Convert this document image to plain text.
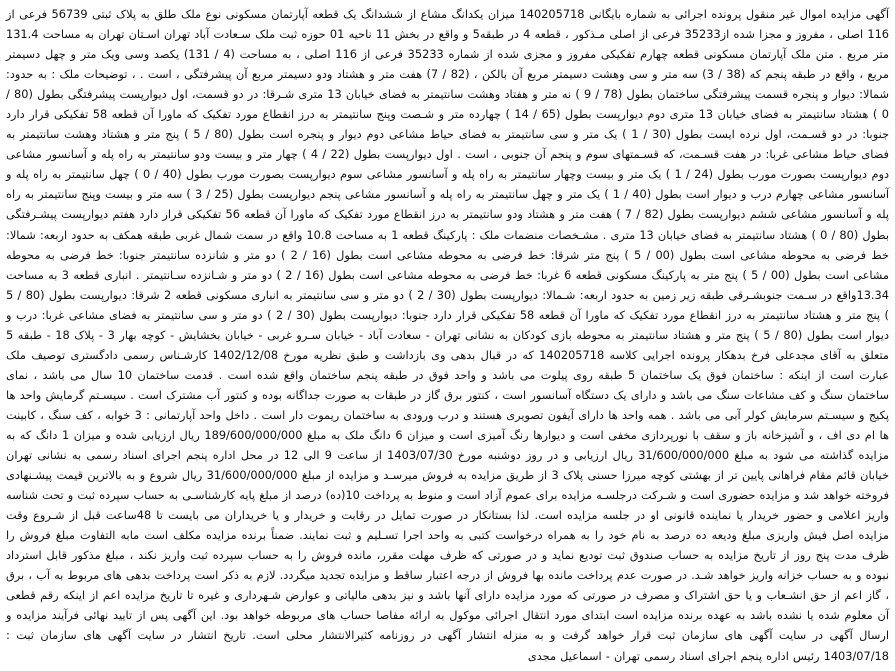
آگهی مزایده اموال غیر منقول پرونده اجرائی به شماره بایگانی 140205718 میزان یکدانگ مشاع از ششدانگ یک قطعه آپارتمان مسکونی نوع ملک طلق به پلاک ثبتی 56739 فرعی از 116 اصلی ، مفروز و مجزا شده از35233 فرعی از اصلی مـذکور ، قطعه 4 در طبقه5 و واقع در بخش 11 ناحیه 01 حوزه ثبت ملک سـعادت آباد تهران اسـتان تهران به مساحت 131.4 متر مربع . متن ملک آپارتمان مسکونی قطعه چهارم تفکیکی مفروز و مجزی شده از شماره 35233 فرعی از 116 اصلی ، به مساحت (4 / 131) یکصد وسی ویک متر و چهل دسیمتر مربع ، واقع در طبقه پنجم که (38 / 3) سه متر و سی وهشت دسیمتر مربع آن بالکن ، (82 / 7) هفت متر و هشتاد ودو دسیمتر مربع آن پیشرفتگی ، است . ، توضیحات ملک : به حدود: شمالا: دیوار و پنجره قسمت پیشرفتگی ساختمان بطول (78 / 9 ) نه متر و هفتاد وهشت سانتیمتر به فضای خیابان 13 متری شـرقا: در دو قسمت، اول دیوارپست پیشرفتگی بطول (80 / 0 ) هشتاد سانتیمتر به فضای خیابان 13 متری دوم دیوارپست بطول (65 / 14 ) چهارده متر و شـصت وپنج سانتیمتر به درز انقطاع مورد تفکیک که ماورا آن قطعه 58 تفکیکی قرار دارد جنوبا: در دو قسـمت، اول نرده ایست بطول (30 / 1 ) یک متر و سی سانتیمتر به فضای حیاط مشاعی دوم دیوار و پنجره است بطول (80 / 5 ) پنج متر و هشتاد وهشت سانتیمتر به فضای حیاط مشاعی غربا: در هفت قسـمت، که قسـمتهای سوم و پنجم آن جنوبی ، است . اول دیوارپست بطول (22 / 4 ) چهار متر و بیست ودو سانتیمتر به راه پله و آسانسور مشاعی دوم دیوارپست بصورت مورب بطول (24 / 1 ) یک متر و بیست وچهار سانتیمتر به راه پله و آسانسور مشاعی سوم دیوارپست بصورت مورب بطول (40 / 0 ) چهل سانتیمتر به راه پله و آسانسور مشاعی چهارم درب و دیوار است بطول (40 / 1 ) یک متر و چهل سانتیمتر به راه پله و آسانسور مشاعی پنجم دیوارپست بطول (25 / 3 ) سه متر و بیست وپنج سانتیمتر به راه پله و آسانسور مشاعی ششم دیوارپست بطول (82 / 7 ) هفت متر و هشتاد ودو سانتیمتر به درز انقطاع مورد تفکیک که ماورا آن قطعه 56 تفکیکی قرار دارد هفتم دیوارپست پیشـرفتگی بطول (80 / 0 ) هشتاد سانتیمتر به فضای خیابان 13 متری . مشـخصات منضمات ملک : پارکینگ قطعه 1 به مساحت 10.8 واقع در سمت شمال غربی طبقه همکف به حدود اربعه: شمالا: خط فرضی به محوطه مشاعی است بطول (00 / 5 ) پنج متر شرقا: خط فرضی به محوطه مشاعی است بطول (16 / 2 ) دو متر و شانزده سانتیمتر جنوبا: خط فرضی به محوطه مشاعی است بطول (00 / 5 ) پنج متر به پارکینگ مسکونی قطعه 6 غربا: خط فرضی به محوطه مشاعی است بطول (16 / 2 ) دو متر و شـانزده سـانتیمتر . انباری قطعه 3 به مساحت 13.34واقع در سـمت جنوبشـرقی طبقه زیر زمین به حدود اربعه: شـمالا: دیوارپست بطول (30 / 2 ) دو متر و سی سانتیمتر به انباری مسکونی قطعه 2 شرقا: دیوارپست بطول (80 / 5 ) پنج متر و هشتاد سانتیمتر به درز انقطاع مورد تفکیک که ماورا آن قطعه 58 تفکیکی قرار دارد جنوبا: دیوارپست بطول (30 / 2 ) دو متر و سی سانتیمتر به فضای مشاعی غربا: درب و دیوار است بطول (80 / 5 ) پنج متر و هشتاد سانتیمتر به محوطه بازی کودکان به نشانی تهران - سعادت آباد - خیابان سـرو غربی - خیابان بخشایش - کوچه بهار 3 - پلاک 18 - طبقه 5 متعلق به آقای مجدعلی فرخ بدهکار پرونده اجرایی کلاسه 140205718 که در قبال بدهی وی بازداشت و طبق نظریه مورخ 1402/12/08 کارشـناس رسمی دادگستری توصیف ملک عبارت است از اینکه : ساختمان فوق یک ساختمان 5 طبقه روی پیلوت می باشد و واحد فوق در طبقه پنجم ساختمان واقع شده است . قدمت ساختمان 10 سال می باشد ، نمای ساختمان سنگ و کف مشاعات سنگ می باشد و دارای یک دستگاه آسانسور است ، کنتور برق گاز در طبقات به صورت جداگانه بوده و کنتور آب مشترک است . سیسـتم گرمایش واحد ها پکیج و سیسـتم سرمایش کولر آبی می باشد . همه واحد ها دارای آیفون تصویری هستند و درب ورودی به ساختمان ریموت دار است . داخل واحد آپارتمانی : 3 خوابه ، کف سنگ ، کابینت ها ام دی اف ، و آشپزخانه باز و سقف با نورپردازی مخفی است و دیوارها رنگ آمیزی است و میزان 6 دانگ ملک به مبلغ 189/600/000/000 ریال ارزیابی شده و میزان 1 دانگ که به مزایده گذاشته می شود به مبلغ 31/600/000/000 ریال ارزیابی و در روز دوشنبه مورخ 1403/07/30 از ساعت 9 الی 12 در محل اداره پنجم اجرای اسناد رسمی به نشانی تهران خیابان قائم مقام فراهانی پایین تر از بهشتی کوچه میرزا حسنی پلاک 3 از طریق مزایده به فروش میرسـد و مزایده از مبلغ 31/600/000/000 ریال شروع و به بالاترین قیمت پیشـنهادی فروخته خواهد شد و مزایده حضوری است و شـرکت درجلسـه مزایده برای عموم آزاد است و منوط به پرداخت 10(ده) درصد از مبلغ پایه کارشناسـی به حساب سپرده ثبت و تحت شناسه واریز اعلامی و حضور خریدار یا نماینده قانونی او در جلسه مزایده است. لذا بستانکار در صورت تمایل در رقابت و خریدار و یا خریداران می بایست تا 48ساعت قبل از شـروع وقت مزایده اصل فیش واریزی مبلغ ودیعه ده درصد به نام خود را به همراه درخواست کتبی به واحد اجرا تسـلیم و ثبت نمایند. ضمناً برنده مزایده مکلف است مابه التفاوت مبلغ فروش را ظرف مدت پنج روز از تاریخ مزایده به حساب صندوق ثبت تودیع نماید و در صورتی که ظرف مهلت مقرر، مانده فروش را به حساب سپرده ثبت واریز نکند ، مبلغ مذکور قابل استرداد نبوده و به حساب خزانه واریز خواهد شـد. در صورت عدم پرداخت مانده بها فروش از درجه اعتبار ساقط و مزایده تجدید میگردد. لازم به ذکر است پرداخت بدهی های مربوط به آب ، برق ، گاز اعم از حق انشـعاب و یا حق اشتراک و مصرف در صورتی که مورد مزایده دارای آنها باشد و نیز بدهی مالیاتی و عوارض شـهرداری و غیره تا تاریخ مزایده اعم از اینکه رقم قطعی آن معلوم شده یا نشده باشد به عهده برنده مزایده است ابتدای مورد انتقال اجرائی موکول به ارائه مفاصا حساب های مربوطه خواهد بود. این آگهی پس از تایید نهائی فرآیند مزایده و ارسال آگهی در سایت آگهی های سازمان ثبت قرار خواهد گرفت و به منزله انتشار آگهی در روزنامه کثیرالانتشار محلی است. تاریخ انتشار در سایت آگهی های سازمان ثبت : 1403/07/18 رئیس اداره پنجم اجرای اسناد رسمی تهران - اسماعیل مجدی
